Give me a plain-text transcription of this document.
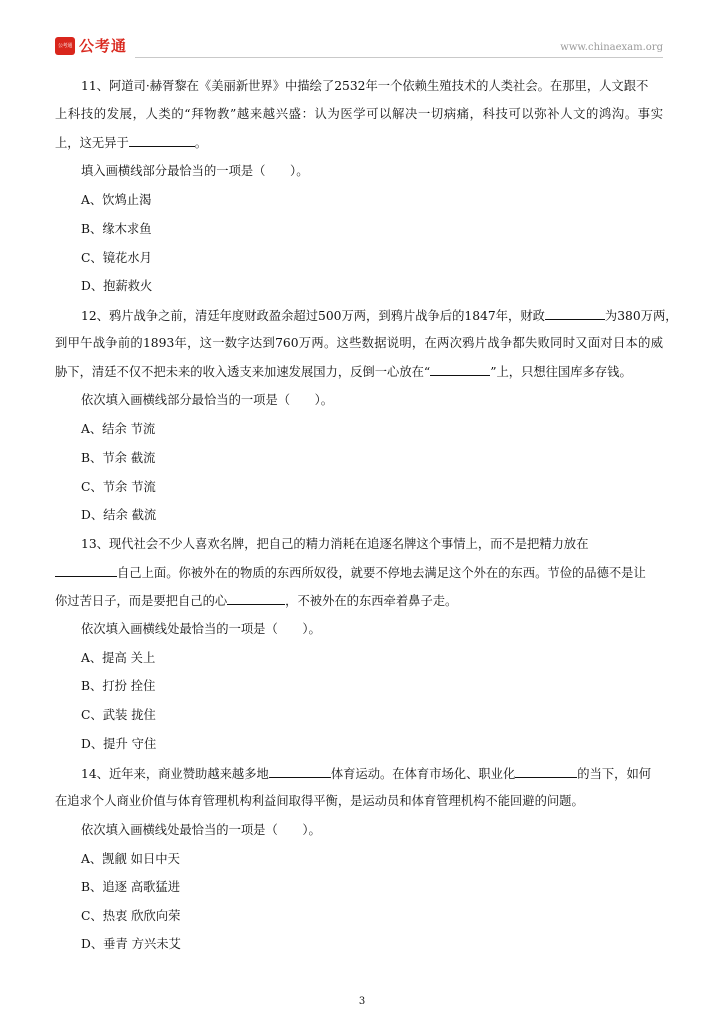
公考通 公考通	www.chinaexam.org
11、阿道司·赫胥黎在《美丽新世界》中描绘了2532年一个依赖生殖技术的人类社会。在那里，人文跟不
上科技的发展，人类的“拜物教”越来越兴盛：认为医学可以解决一切病痛，科技可以弥补人文的鸿沟。事实
上，这无异于	。
填入画横线部分最恰当的一项是（　　）。
A、饮鸩止渴
B、缘木求鱼
C、镜花水月
D、抱薪救火
12、鸦片战争之前，清廷年度财政盈余超过500万两，到鸦片战争后的1847年，财政	为380万两，
到甲午战争前的1893年，这一数字达到760万两。这些数据说明，在两次鸦片战争都失败同时又面对日本的威
胁下，清廷不仅不把未来的收入透支来加速发展国力，反倒一心放在“	”上，只想往国库多存钱。
依次填入画横线部分最恰当的一项是（　　）。
A、结余 节流
B、节余 截流
C、节余 节流
D、结余 截流
13、现代社会不少人喜欢名牌，把自己的精力消耗在追逐名牌这个事情上，而不是把精力放在
自己上面。你被外在的物质的东西所奴役，就要不停地去满足这个外在的东西。节俭的品德不是让
你过苦日子，而是要把自己的心	，不被外在的东西牵着鼻子走。
依次填入画横线处最恰当的一项是（　　）。
A、提高 关上
B、打扮 拴住
C、武装 拢住
D、提升 守住
14、近年来，商业赞助越来越多地	体育运动。在体育市场化、职业化	的当下，如何
在追求个人商业价值与体育管理机构利益间取得平衡，是运动员和体育管理机构不能回避的问题。
依次填入画横线处最恰当的一项是（　　）。
A、觊觎 如日中天
B、追逐 高歌猛进
C、热衷 欣欣向荣
D、垂青 方兴未艾
3
